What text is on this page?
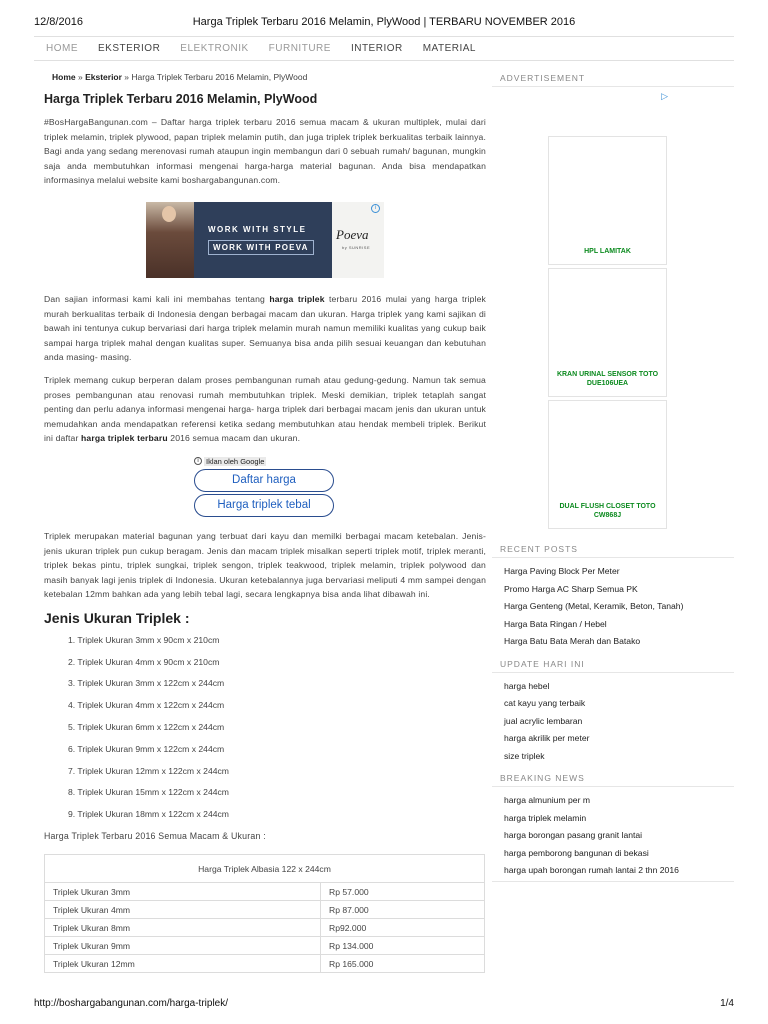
12/8/2016	Harga Triplek Terbaru 2016 Melamin, PlyWood | TERBARU NOVEMBER 2016
HOME EKSTERIOR ELEKTRONIK FURNITURE INTERIOR MATERIAL
Home » Eksterior » Harga Triplek Terbaru 2016 Melamin, PlyWood
Harga Triplek Terbaru 2016 Melamin, PlyWood

#BosHargaBangunan.com – Daftar harga triplek terbaru 2016 semua macam & ukuran multiplek, mulai dari triplek melamin, triplek plywood, papan triplek melamin putih, dan juga triplek triplek berkualitas terbaik lainnya. Bagi anda yang sedang merenovasi rumah ataupun ingin membangun dari 0 sebuah rumah/ bagunan, mungkin saja anda membutuhkan informasi mengenai harga-harga material bagunan. Anda bisa mendapatkan informasinya melalui website kami boshargabangunan.com.

WORK WITH STYLE
WORK WITH POEVA
Poeva
by SUNRISE
i

Dan sajian informasi kami kali ini membahas tentang harga triplek terbaru 2016 mulai yang harga triplek murah berkualitas terbaik di Indonesia dengan berbagai macam dan ukuran. Harga triplek yang kami sajikan di bawah ini tentunya cukup bervariasi dari harga triplek melamin murah namun memiliki kualitas yang cukup baik sampai harga triplek mahal dengan kualitas super. Semuanya bisa anda pilih sesuai keuangan dan kebutuhan anda masing- masing.

Triplek memang cukup berperan dalam proses pembangunan rumah atau gedung-gedung. Namun tak semua proses pembangunan atau renovasi rumah membutuhkan triplek. Meski demikian, triplek tetaplah sangat penting dan perlu adanya informasi mengenai harga- harga triplek dari berbagai macam jenis dan ukuran untuk memudahkan anda mendapatkan referensi ketika sedang membutuhkan atau hendak membeli triplek. Berikut ini daftar harga triplek terbaru 2016 semua macam dan ukuran.

i Iklan oleh Google
Daftar harga
Harga triplek tebal

Triplek merupakan material bagunan yang terbuat dari kayu dan memilki berbagai macam ketebalan. Jenis-jenis ukuran triplek pun cukup beragam. Jenis dan macam triplek misalkan seperti triplek motif, triplek meranti, triplek bekas pintu, triplek sungkai, triplek sengon, triplek teakwood, triplek melamin, triplek polywood dan masih banyak lagi jenis triplek di Indonesia. Ukuran ketebalannya juga bervariasi meliputi 4 mm sampei dengan ketebalan 12mm bahkan ada yang lebih tebal lagi, secara lengkapnya bisa anda lihat dibawah ini.

Jenis Ukuran Triplek :
1. Triplek Ukuran 3mm x 90cm x 210cm
2. Triplek Ukuran 4mm x 90cm x 210cm
3. Triplek Ukuran 3mm x 122cm x 244cm
4. Triplek Ukuran 4mm x 122cm x 244cm
5. Triplek Ukuran 6mm x 122cm x 244cm
6. Triplek Ukuran 9mm x 122cm x 244cm
7. Triplek Ukuran 12mm x 122cm x 244cm
8. Triplek Ukuran 15mm x 122cm x 244cm
9. Triplek Ukuran 18mm x 122cm x 244cm
Harga Triplek Terbaru 2016 Semua Macam & Ukuran :
Harga Triplek Albasia 122 x 244cm	
Triplek Ukuran 3mm	Rp 57.000
Triplek Ukuran 4mm	Rp 87.000
Triplek Ukuran 8mm	Rp92.000
Triplek Ukuran 9mm	Rp 134.000
Triplek Ukuran 12mm	Rp 165.000
ADVERTISEMENT
▷
HPL LAMITAK
KRAN URINAL SENSOR TOTO DUE106UEA
DUAL FLUSH CLOSET TOTO CW868J
RECENT POSTS
Harga Paving Block Per Meter
Promo Harga AC Sharp Semua PK
Harga Genteng (Metal, Keramik, Beton, Tanah)
Harga Bata Ringan / Hebel
Harga Batu Bata Merah dan Batako
UPDATE HARI INI
harga hebel
cat kayu yang terbaik
jual acrylic lembaran
harga akrilik per meter
size triplek
BREAKING NEWS
harga almunium per m
harga triplek melamin
harga borongan pasang granit lantai
harga pemborong bangunan di bekasi
harga upah borongan rumah lantai 2 thn 2016
http://boshargabangunan.com/harga-triplek/	1/4
